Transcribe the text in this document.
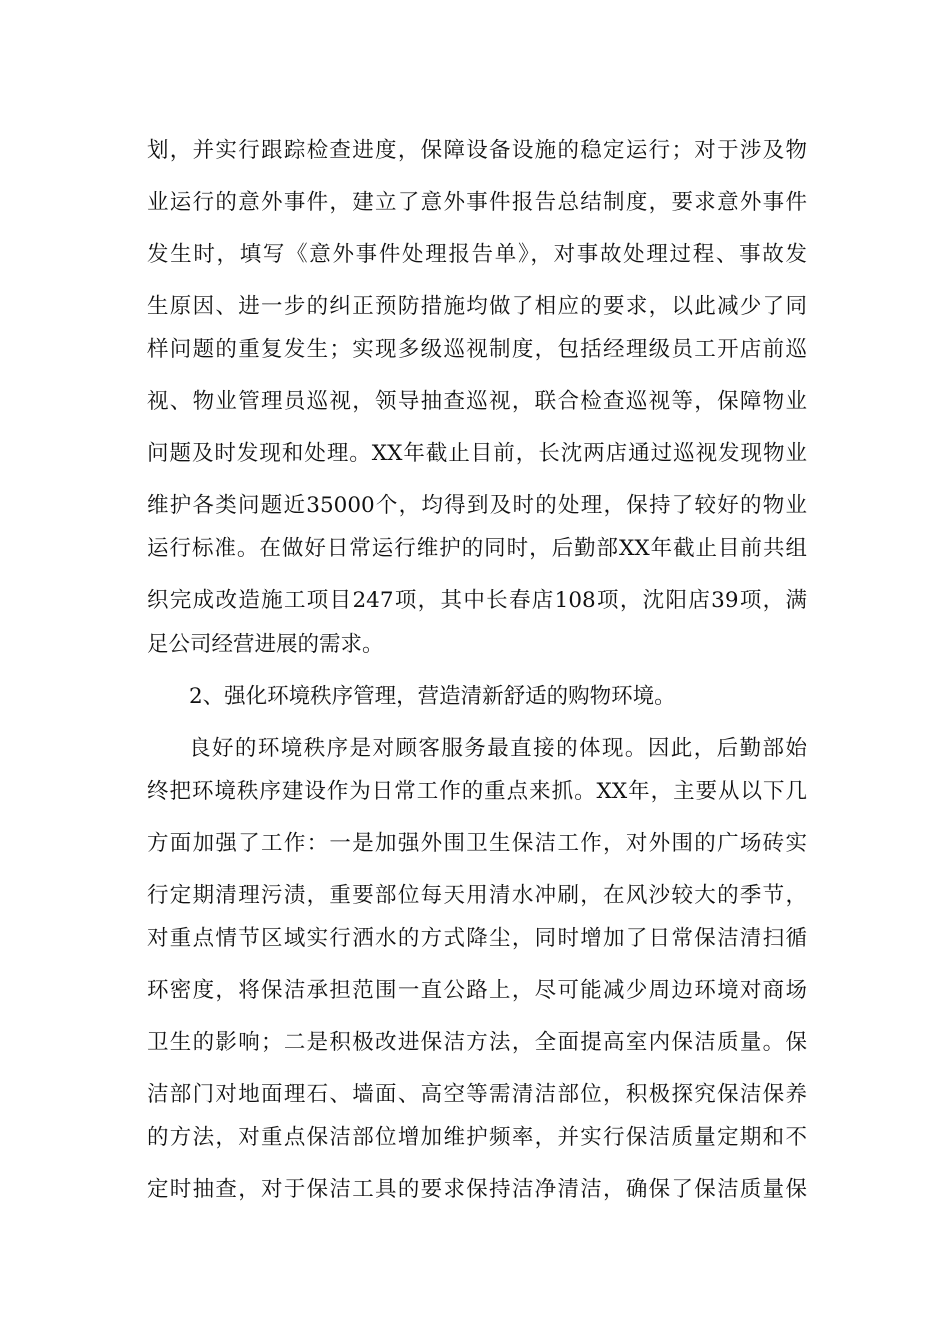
划，并实行跟踪检查进度，保障设备设施的稳定运行；对于涉及物
业运行的意外事件，建立了意外事件报告总结制度，要求意外事件
发生时，填写《意外事件处理报告单》，对事故处理过程、事故发
生原因、进一步的纠正预防措施均做了相应的要求，以此减少了同
样问题的重复发生；实现多级巡视制度，包括经理级员工开店前巡
视、物业管理员巡视，领导抽查巡视，联合检查巡视等，保障物业
问题及时发现和处理。XX年截止目前，长沈两店通过巡视发现物业
维护各类问题近35000个，均得到及时的处理，保持了较好的物业
运行标准。在做好日常运行维护的同时，后勤部XX年截止目前共组
织完成改造施工项目247项，其中长春店108项，沈阳店39项，满
足公司经营进展的需求。
2、强化环境秩序管理，营造清新舒适的购物环境。
良好的环境秩序是对顾客服务最直接的体现。因此，后勤部始
终把环境秩序建设作为日常工作的重点来抓。XX年，主要从以下几
方面加强了工作：一是加强外围卫生保洁工作，对外围的广场砖实
行定期清理污渍，重要部位每天用清水冲刷，在风沙较大的季节，
对重点情节区域实行洒水的方式降尘，同时增加了日常保洁清扫循
环密度，将保洁承担范围一直公路上，尽可能减少周边环境对商场
卫生的影响；二是积极改进保洁方法，全面提高室内保洁质量。保
洁部门对地面理石、墙面、高空等需清洁部位，积极探究保洁保养
的方法，对重点保洁部位增加维护频率，并实行保洁质量定期和不
定时抽查，对于保洁工具的要求保持洁净清洁，确保了保洁质量保
